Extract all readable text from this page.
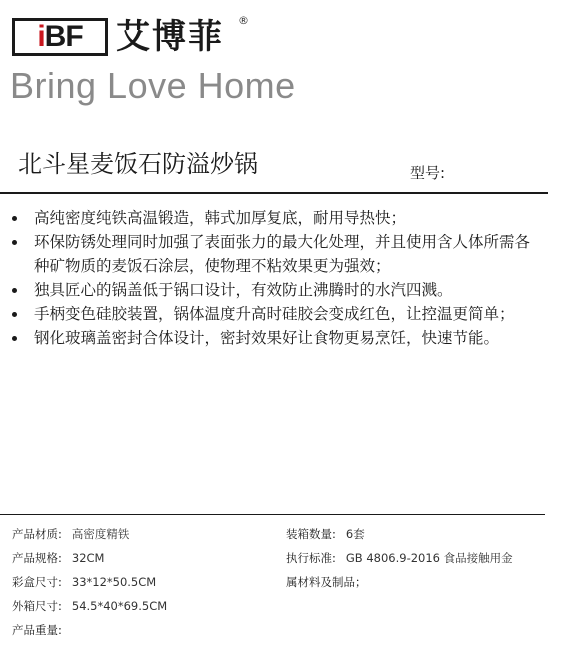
i BF 艾博菲 ®
Bring Love Home
北斗星麦饭石防溢炒锅	型号:
高纯密度纯铁高温锻造，韩式加厚复底，耐用导热快；
环保防锈处理同时加强了表面张力的最大化处理，并且使用含人体所需各种矿物质的麦饭石涂层，使物理不粘效果更为强效；
独具匠心的锅盖低于锅口设计，有效防止沸腾时的水汽四溅。
手柄变色硅胶装置，锅体温度升高时硅胶会变成红色，让控温更简单；
钢化玻璃盖密封合体设计，密封效果好让食物更易烹饪，快速节能。
产品材质: 高密度精铁
产品规格: 32CM
彩盒尺寸: 33*12*50.5CM
外箱尺寸: 54.5*40*69.5CM
产品重量:
装箱数量: 6套
执行标准: GB 4806.9-2016 食品接触用金
属材料及制品；
